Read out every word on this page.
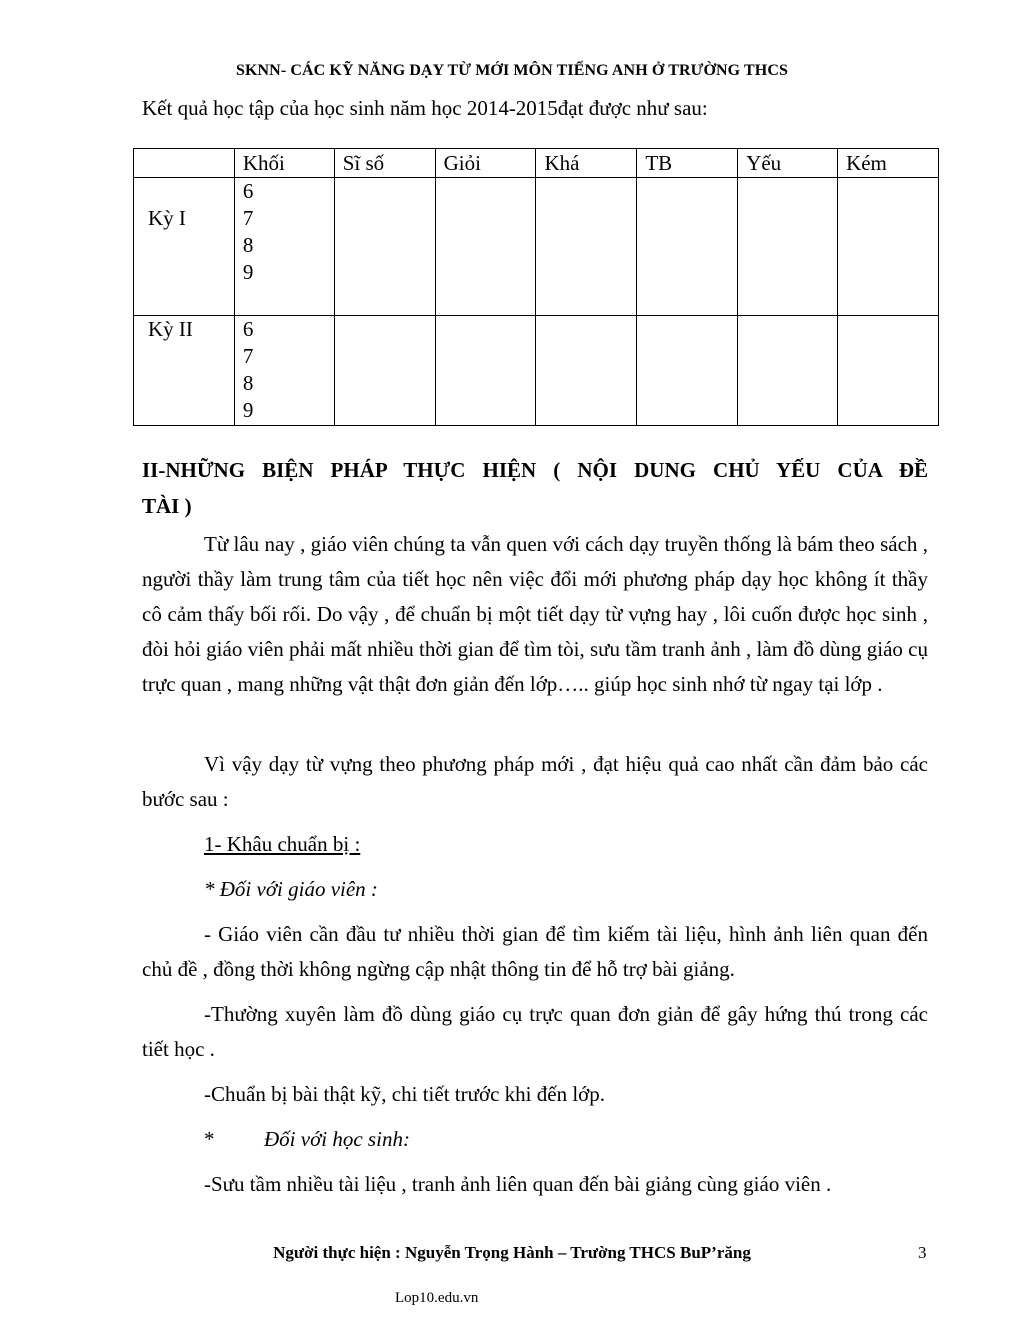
SKNN- CÁC KỸ NĂNG DẠY TỪ MỚI MÔN TIẾNG ANH Ở TRƯỜNG THCS
Kết quả học tập của học sinh năm học 2014-2015đạt được như sau:
	Khối	Sĩ số	Giỏi	Khá	TB	Yếu	Kém
Kỳ I	6
7
8
9						

Kỳ II	6
7
8
9						

II-NHỮNG BIỆN PHÁP THỰC HIỆN ( NỘI DUNG CHỦ YẾU CỦA ĐỀ
TÀI )

Từ lâu nay , giáo viên chúng ta vẫn quen với cách dạy truyền thống là bám theo sách , người thầy làm trung tâm của tiết học nên việc đổi mới phương pháp dạy học không ít thầy cô cảm thấy bối rối. Do vậy , để chuẩn bị một tiết dạy từ vựng hay , lôi cuốn được học sinh , đòi hỏi giáo viên phải mất nhiều thời gian để tìm tòi, sưu tầm tranh ảnh , làm đồ dùng giáo cụ trực quan , mang những vật thật đơn giản đến lớp….. giúp học sinh nhớ từ ngay tại lớp .

Vì vậy dạy từ vựng theo phương pháp mới , đạt hiệu quả cao nhất cần đảm bảo các bước sau :

1- Khâu chuẩn bị :

* Đối với giáo viên :

- Giáo viên cần đầu tư nhiều thời gian để tìm kiếm tài liệu, hình ảnh liên quan đến chủ đề , đồng thời không ngừng cập nhật thông tin để hỗ trợ bài giảng.

-Thường xuyên làm đồ dùng giáo cụ trực quan đơn giản để gây hứng thú trong các tiết học .

-Chuẩn bị bài thật kỹ, chi tiết trước khi đến lớp.

* Đối với học sinh:

-Sưu tầm nhiều tài liệu , tranh ảnh liên quan đến bài giảng cùng giáo viên .

Người thực hiện : Nguyễn Trọng Hành – Trường THCS BuP’răng	3
Lop10.edu.vn
